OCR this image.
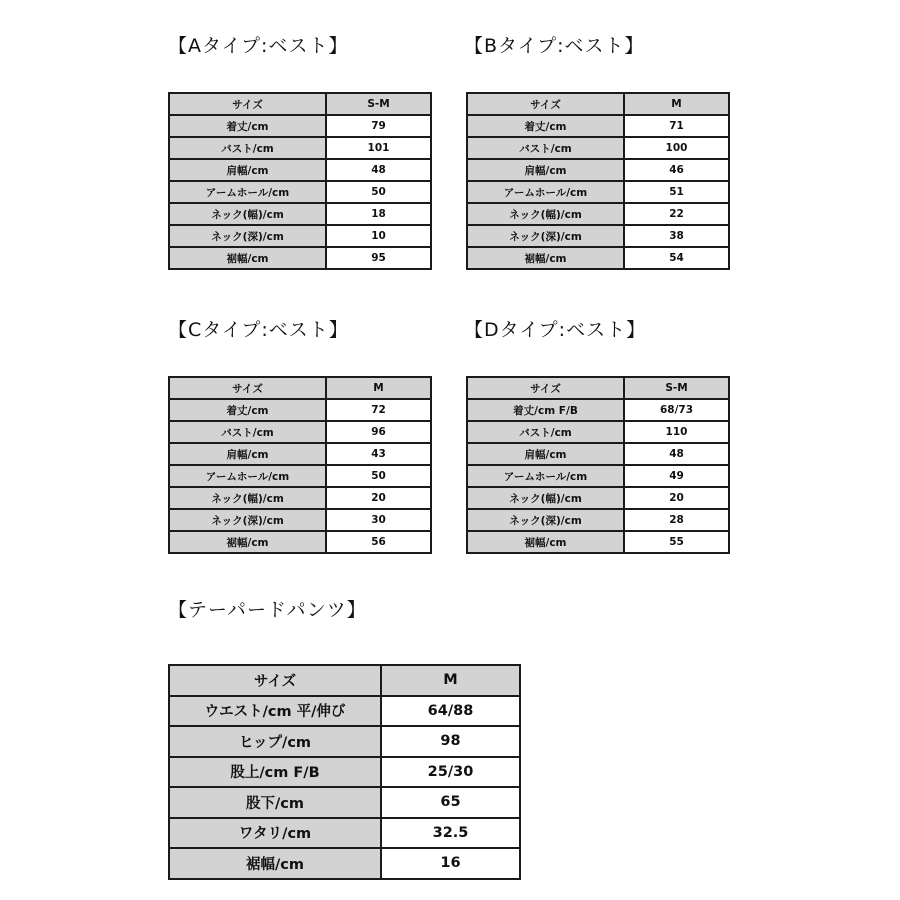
【Aタイプ:ベスト】
サイズ	S-M
着丈/cm	79
バスト/cm	101
肩幅/cm	48
アームホール/cm	50
ネック(幅)/cm	18
ネック(深)/cm	10
裾幅/cm	95
【Bタイプ:ベスト】
サイズ	M
着丈/cm	71
バスト/cm	100
肩幅/cm	46
アームホール/cm	51
ネック(幅)/cm	22
ネック(深)/cm	38
裾幅/cm	54
【Cタイプ:ベスト】
サイズ	M
着丈/cm	72
バスト/cm	96
肩幅/cm	43
アームホール/cm	50
ネック(幅)/cm	20
ネック(深)/cm	30
裾幅/cm	56
【Dタイプ:ベスト】
サイズ	S-M
着丈/cm F/B	68/73
バスト/cm	110
肩幅/cm	48
アームホール/cm	49
ネック(幅)/cm	20
ネック(深)/cm	28
裾幅/cm	55
【テーパードパンツ】
サイズ	M
ウエスト/cm 平/伸び	64/88
ヒップ/cm	98
股上/cm F/B	25/30
股下/cm	65
ワタリ/cm	32.5
裾幅/cm	16
